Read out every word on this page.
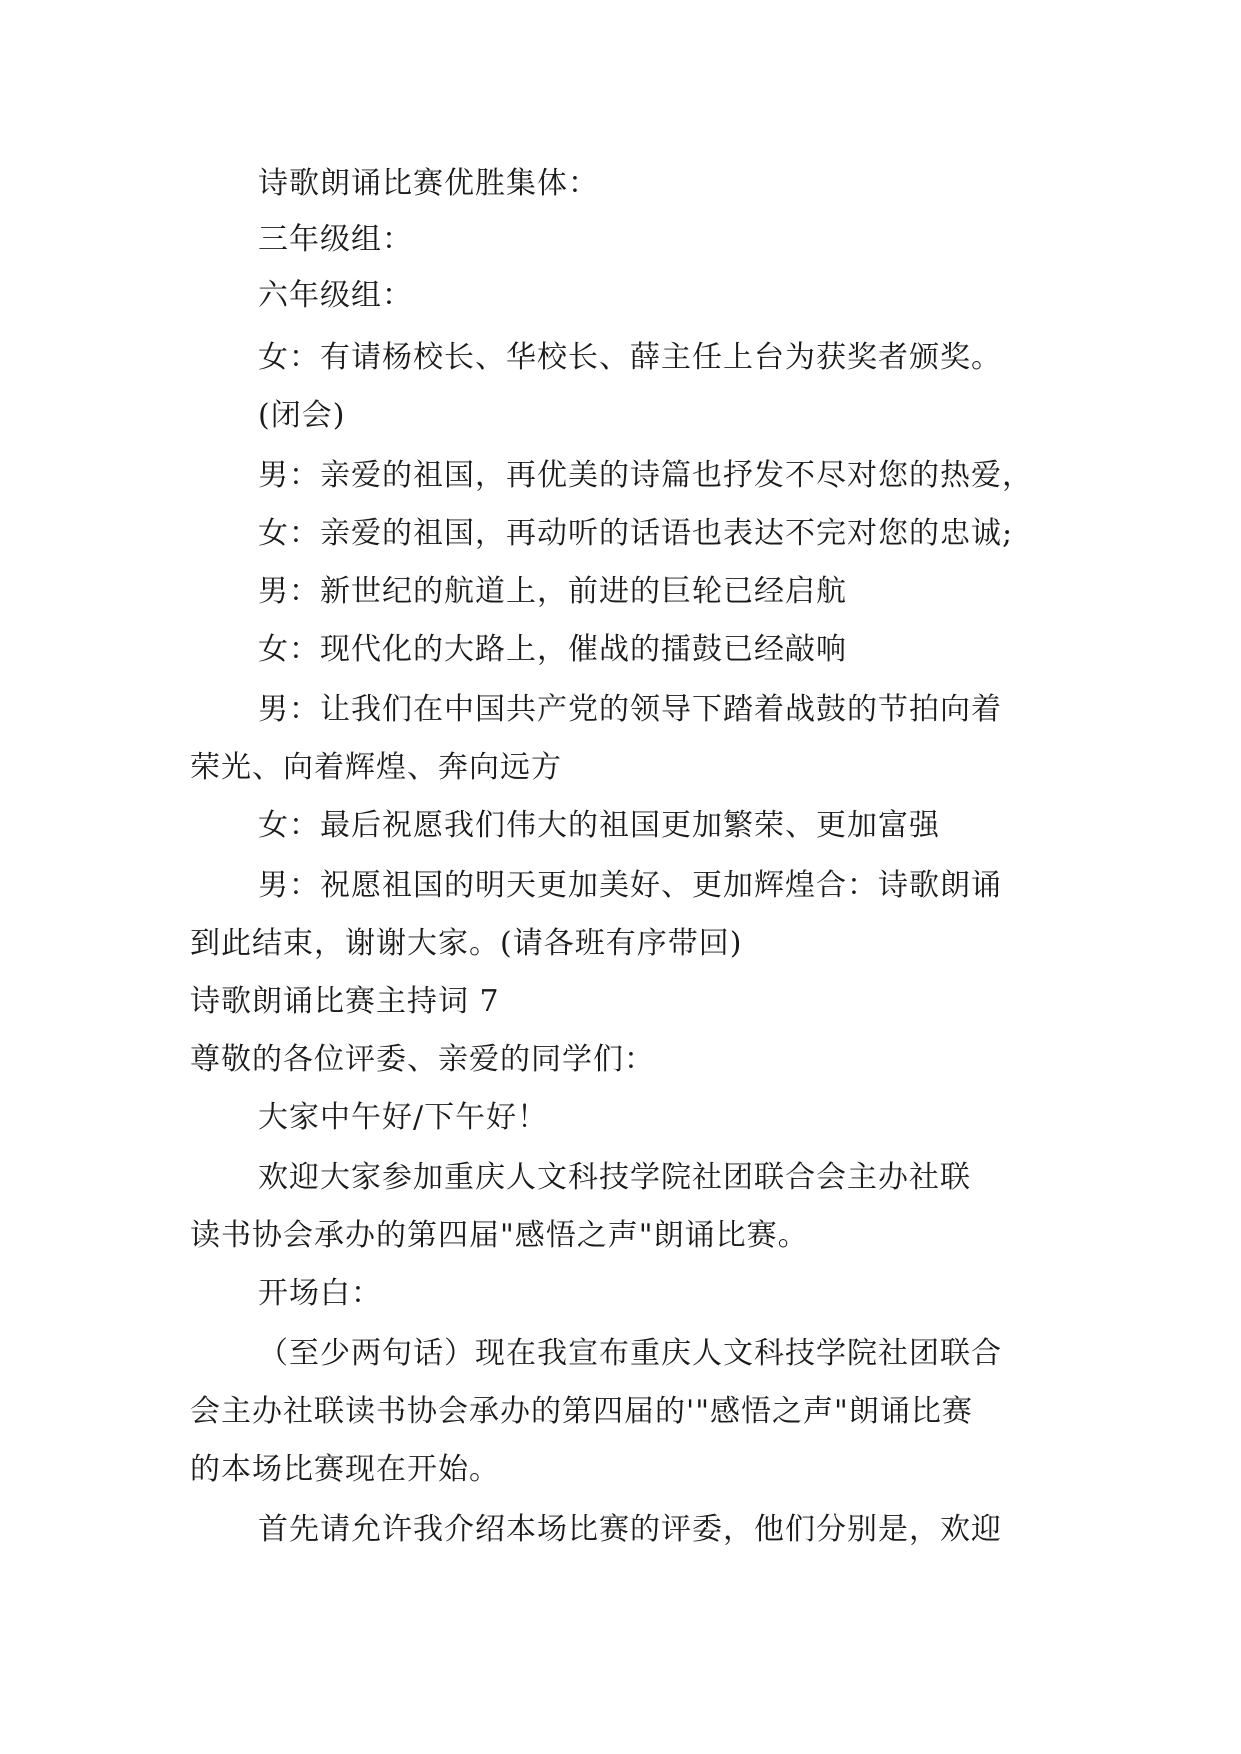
诗歌朗诵比赛优胜集体：
三年级组：
六年级组：
女：有请杨校长、华校长、薛主任上台为获奖者颁奖。
(闭会)
男：亲爱的祖国，再优美的诗篇也抒发不尽对您的热爱，
女：亲爱的祖国，再动听的话语也表达不完对您的忠诚;
男：新世纪的航道上，前进的巨轮已经启航
女：现代化的大路上，催战的擂鼓已经敲响
男：让我们在中国共产党的领导下踏着战鼓的节拍向着
荣光、向着辉煌、奔向远方
女：最后祝愿我们伟大的祖国更加繁荣、更加富强
男：祝愿祖国的明天更加美好、更加辉煌合：诗歌朗诵
到此结束，谢谢大家。(请各班有序带回)
诗歌朗诵比赛主持词 7
尊敬的各位评委、亲爱的同学们：
大家中午好/下午好！
欢迎大家参加重庆人文科技学院社团联合会主办社联
读书协会承办的第四届"感悟之声"朗诵比赛。
开场白：
（至少两句话）现在我宣布重庆人文科技学院社团联合
会主办社联读书协会承办的第四届的'"感悟之声"朗诵比赛
的本场比赛现在开始。
首先请允许我介绍本场比赛的评委，他们分别是，欢迎
